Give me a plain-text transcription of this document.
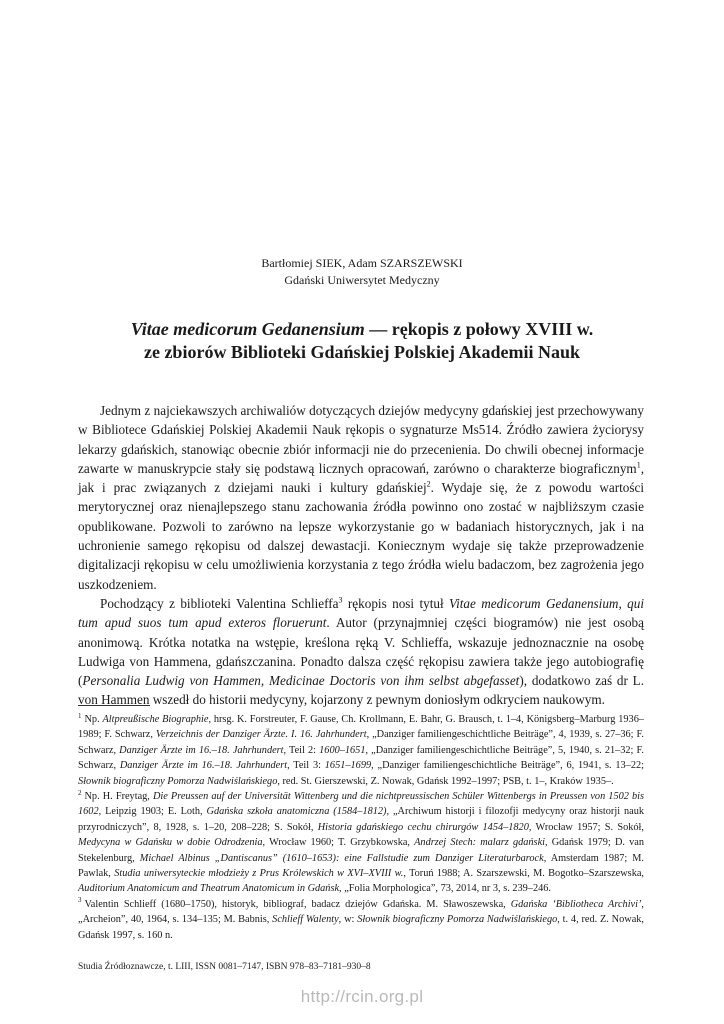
Bartłomiej SIEK, Adam SZARSZEWSKI
Gdański Uniwersytet Medyczny
Vitae medicorum Gedanensium — rękopis z połowy XVIII w.
ze zbiorów Biblioteki Gdańskiej Polskiej Akademii Nauk

Jednym z najciekawszych archiwaliów dotyczących dziejów medycyny gdańskiej jest przechowywany w Bibliotece Gdańskiej Polskiej Akademii Nauk rękopis o sygnaturze Ms514. Źródło zawiera życiorysy lekarzy gdańskich, stanowiąc obecnie zbiór informacji nie do przecenienia. Do chwili obecnej informacje zawarte w manuskrypcie stały się podstawą licznych opracowań, zarówno o charakterze biograficznym$^1$, jak i prac związanych z dziejami nauki i kultury gdańskiej$^2$. Wydaje się, że z powodu wartości merytorycznej oraz nienajlepszego stanu zachowania źródła powinno ono zostać w najbliższym czasie opublikowane. Pozwoli to zarówno na lepsze wykorzystanie go w badaniach historycznych, jak i na uchronienie samego rękopisu od dalszej dewastacji. Koniecznym wydaje się także przeprowadzenie digitalizacji rękopisu w celu umożliwienia korzystania z tego źródła wielu badaczom, bez zagrożenia jego uszkodzeniem.

Pochodzący z biblioteki Valentina Schlieffa$^3$ rękopis nosi tytuł Vitae medicorum Gedanensium, qui tum apud suos tum apud exteros floruerunt. Autor (przynajmniej części biogramów) nie jest osobą anonimową. Krótka notatka na wstępie, kreślona ręką V. Schlieffa, wskazuje jednoznacznie na osobę Ludwiga von Hammena, gdańszczanina. Ponadto dalsza część rękopisu zawiera także jego autobiografię (Personalia Ludwig von Hammen, Medicinae Doctoris von ihm selbst abgefasset), dodatkowo zaś dr L. von Hammen wszedł do historii medycyny, kojarzony z pewnym doniosłym odkryciem naukowym.

$^1$ Np. Altpreußische Biographie, hrsg. K. Forstreuter, F. Gause, Ch. Krollmann, E. Bahr, G. Brausch, t. 1–4, Königsberg–Marburg 1936–1989; F. Schwarz, Verzeichnis der Danziger Ärzte. I. 16. Jahrhundert, „Danziger familiengeschichtliche Beiträge”, 4, 1939, s. 27–36; F. Schwarz, Danziger Ärzte im 16.–18. Jahrhundert, Teil 2: 1600–1651, „Danziger familiengeschichtliche Beiträge”, 5, 1940, s. 21–32; F. Schwarz, Danziger Ärzte im 16.–18. Jahrhundert, Teil 3: 1651–1699, „Danziger familiengeschichtliche Beiträge”, 6, 1941, s. 13–22; Słownik biograficzny Pomorza Nadwiślańskiego, red. St. Gierszewski, Z. Nowak, Gdańsk 1992–1997; PSB, t. 1–, Kraków 1935–.

$^2$ Np. H. Freytag, Die Preussen auf der Universität Wittenberg und die nichtpreussischen Schüler Wittenbergs in Preussen von 1502 bis 1602, Leipzig 1903; E. Loth, Gdańska szkoła anatomiczna (1584–1812), „Archiwum historji i filozofji medycyny oraz historji nauk przyrodniczych”, 8, 1928, s. 1–20, 208–228; S. Sokół, Historia gdańskiego cechu chirurgów 1454–1820, Wrocław 1957; S. Sokół, Medycyna w Gdańsku w dobie Odrodzenia, Wrocław 1960; T. Grzybkowska, Andrzej Stech: malarz gdański, Gdańsk 1979; D. van Stekelenburg, Michael Albinus „Dantiscanus” (1610–1653): eine Fallstudie zum Danziger Literaturbarock, Amsterdam 1987; M. Pawlak, Studia uniwersyteckie młodzieży z Prus Królewskich w XVI–XVIII w., Toruń 1988; A. Szarszewski, M. Bogotko–Szarszewska, Auditorium Anatomicum and Theatrum Anatomicum in Gdańsk, „Folia Morphologica”, 73, 2014, nr 3, s. 239–246.

$^3$ Valentin Schlieff (1680–1750), historyk, bibliograf, badacz dziejów Gdańska. M. Sławoszewska, Gdańska ‘Bibliotheca Archivi’, „Archeion”, 40, 1964, s. 134–135; M. Babnis, Schlieff Walenty, w: Słownik biograficzny Pomorza Nadwiślańskiego, t. 4, red. Z. Nowak, Gdańsk 1997, s. 160 n.

Studia Źródłoznawcze, t. LIII, ISSN 0081–7147, ISBN 978–83–7181–930–8
http://rcin.org.pl
